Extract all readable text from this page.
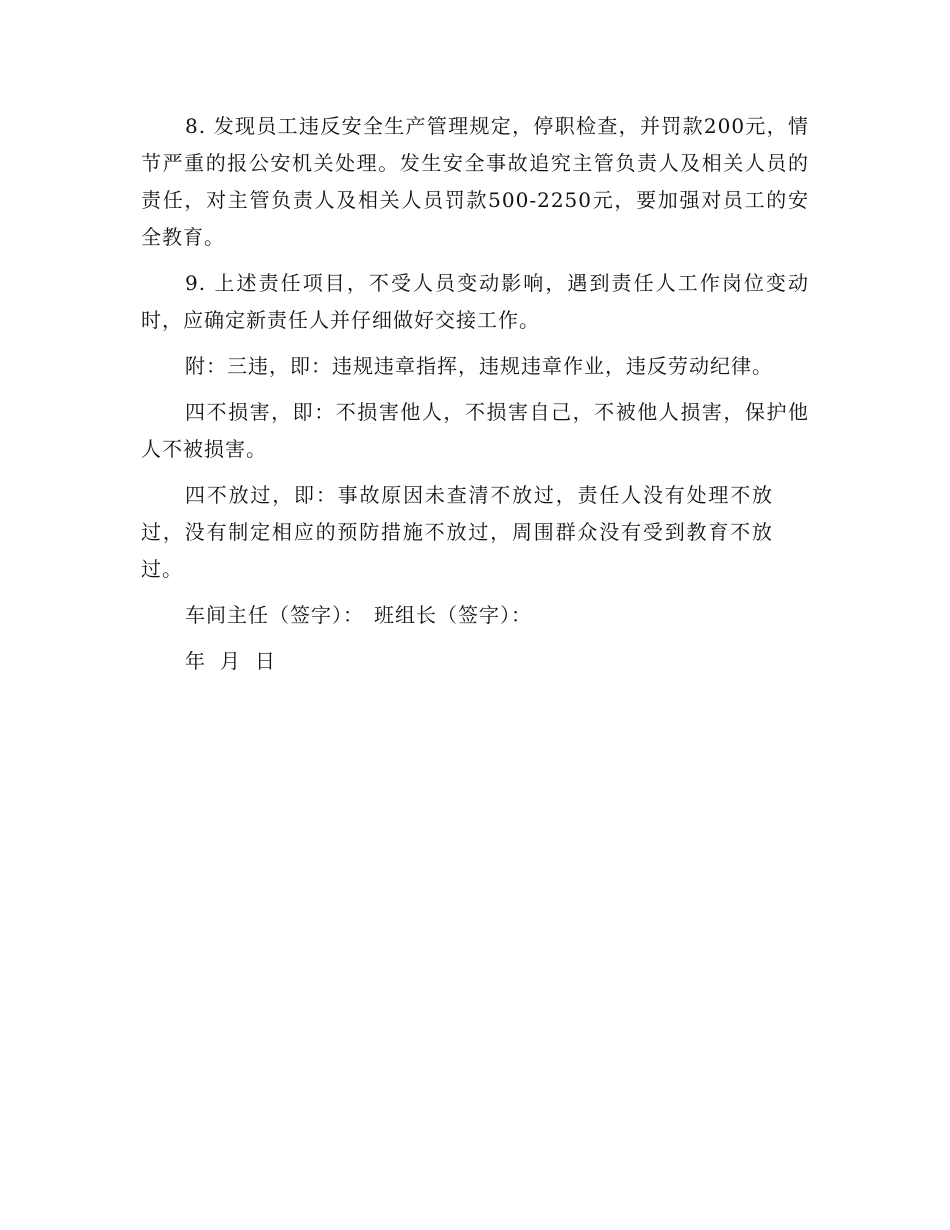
8. 发现员工违反安全生产管理规定，停职检查，并罚款200元，情节严重的报公安机关处理。发生安全事故追究主管负责人及相关人员的责任，对主管负责人及相关人员罚款500-2250元，要加强对员工的安全教育。

9. 上述责任项目，不受人员变动影响，遇到责任人工作岗位变动时，应确定新责任人并仔细做好交接工作。

附：三违，即：违规违章指挥，违规违章作业，违反劳动纪律。

四不损害，即：不损害他人，不损害自己，不被他人损害，保护他人不被损害。

四不放过，即：事故原因未查清不放过，责任人没有处理不放过，没有制定相应的预防措施不放过，周围群众没有受到教育不放过。

车间主任（签字）： 班组长（签字）：

年 月 日
